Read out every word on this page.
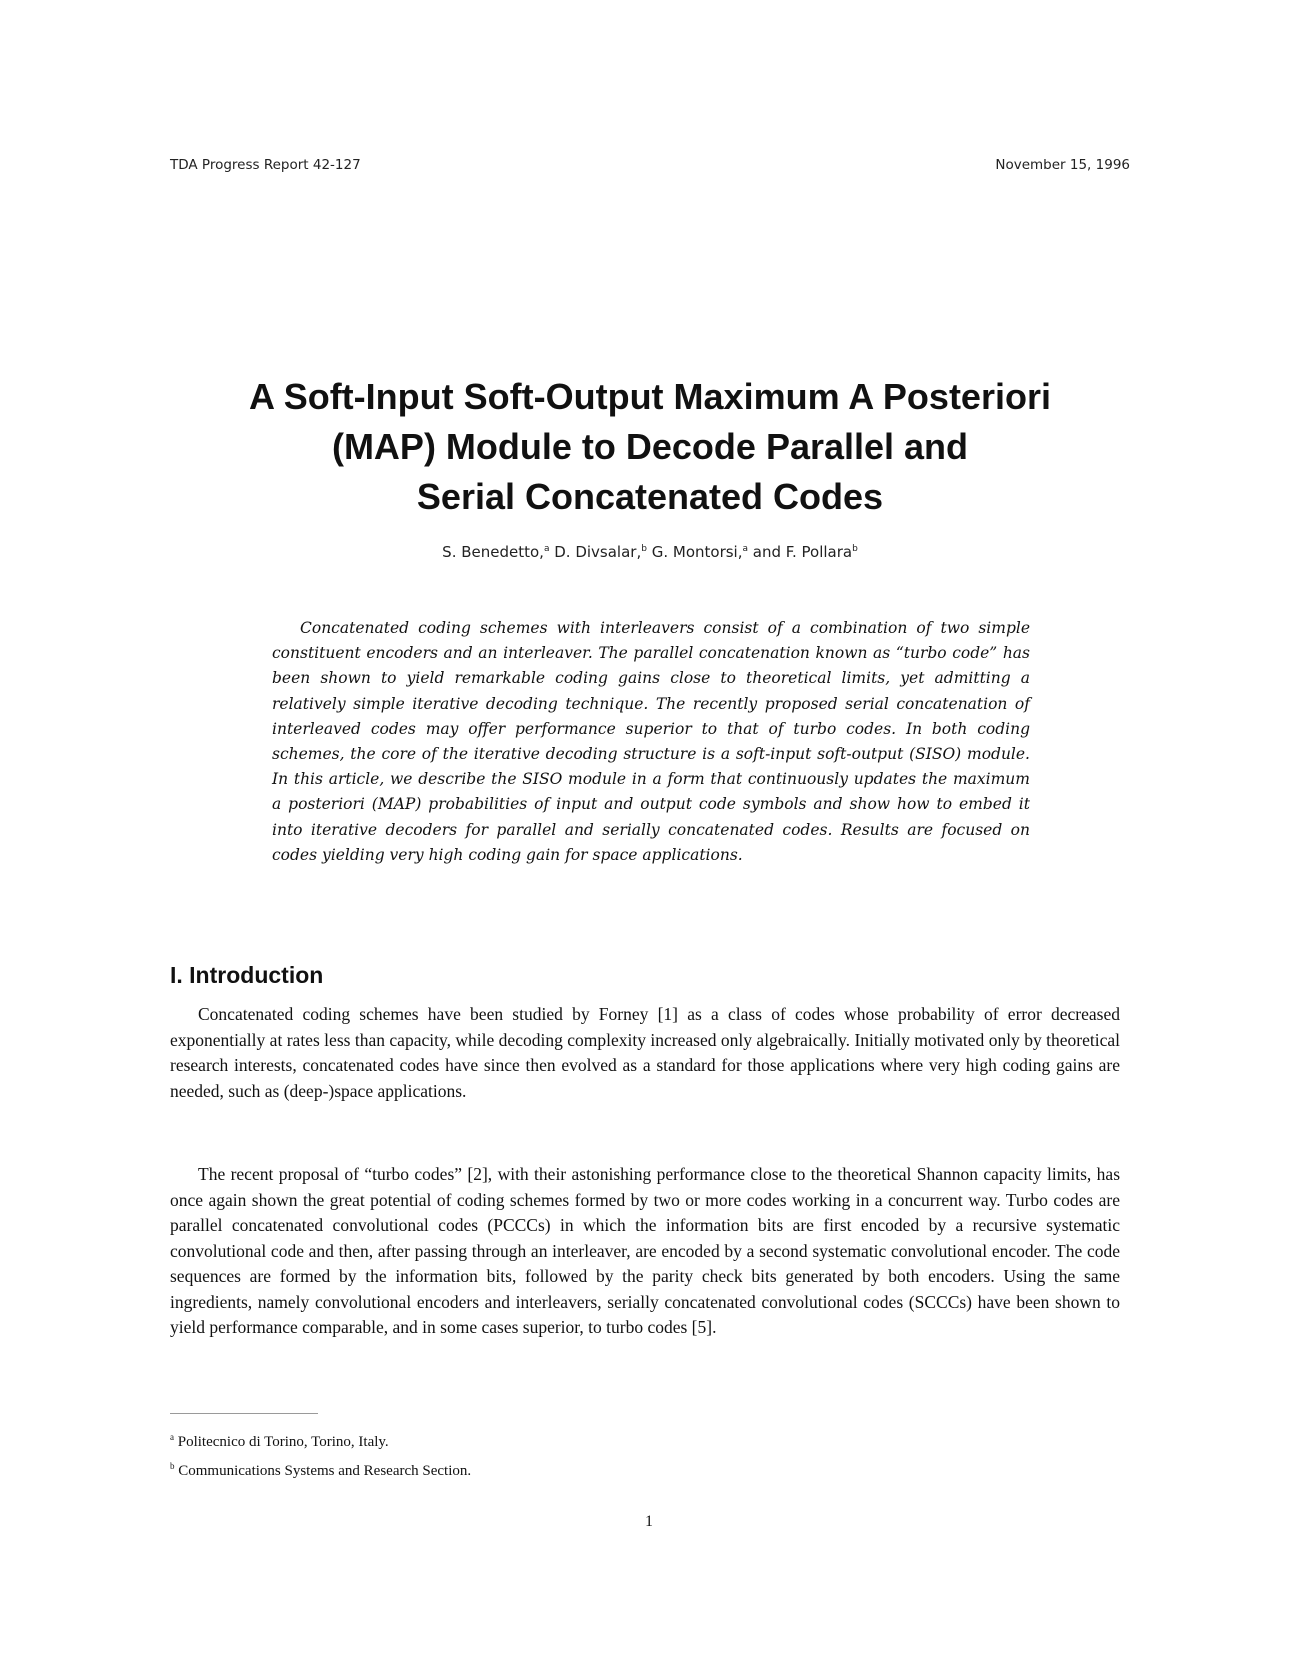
TDA Progress Report 42-127	November 15, 1996
A Soft-Input Soft-Output Maximum A Posteriori
(MAP) Module to Decode Parallel and
Serial Concatenated Codes
S. Benedetto,$^a$ D. Divsalar,$^b$ G. Montorsi,$^a$ and F. Pollara$^b$

Concatenated coding schemes with interleavers consist of a combination of two simple constituent encoders and an interleaver. The parallel concatenation known as “turbo code” has been shown to yield remarkable coding gains close to theoretical limits, yet admitting a relatively simple iterative decoding technique. The recently proposed serial concatenation of interleaved codes may offer performance superior to that of turbo codes. In both coding schemes, the core of the iterative decoding structure is a soft-input soft-output (SISO) module. In this article, we describe the SISO module in a form that continuously updates the maximum a posteriori (MAP) probabilities of input and output code symbols and show how to embed it into iterative decoders for parallel and serially concatenated codes. Results are focused on codes yielding very high coding gain for space applications.

I. Introduction

Concatenated coding schemes have been studied by Forney [1] as a class of codes whose probability of error decreased exponentially at rates less than capacity, while decoding complexity increased only algebraically. Initially motivated only by theoretical research interests, concatenated codes have since then evolved as a standard for those applications where very high coding gains are needed, such as (deep-)space applications.

The recent proposal of “turbo codes” [2], with their astonishing performance close to the theoretical Shannon capacity limits, has once again shown the great potential of coding schemes formed by two or more codes working in a concurrent way. Turbo codes are parallel concatenated convolutional codes (PCCCs) in which the information bits are first encoded by a recursive systematic convolutional code and then, after passing through an interleaver, are encoded by a second systematic convolutional encoder. The code sequences are formed by the information bits, followed by the parity check bits generated by both encoders. Using the same ingredients, namely convolutional encoders and interleavers, serially concatenated convolutional codes (SCCCs) have been shown to yield performance comparable, and in some cases superior, to turbo codes [5].

$^a$ Politecnico di Torino, Torino, Italy.
$^b$ Communications Systems and Research Section.
1
